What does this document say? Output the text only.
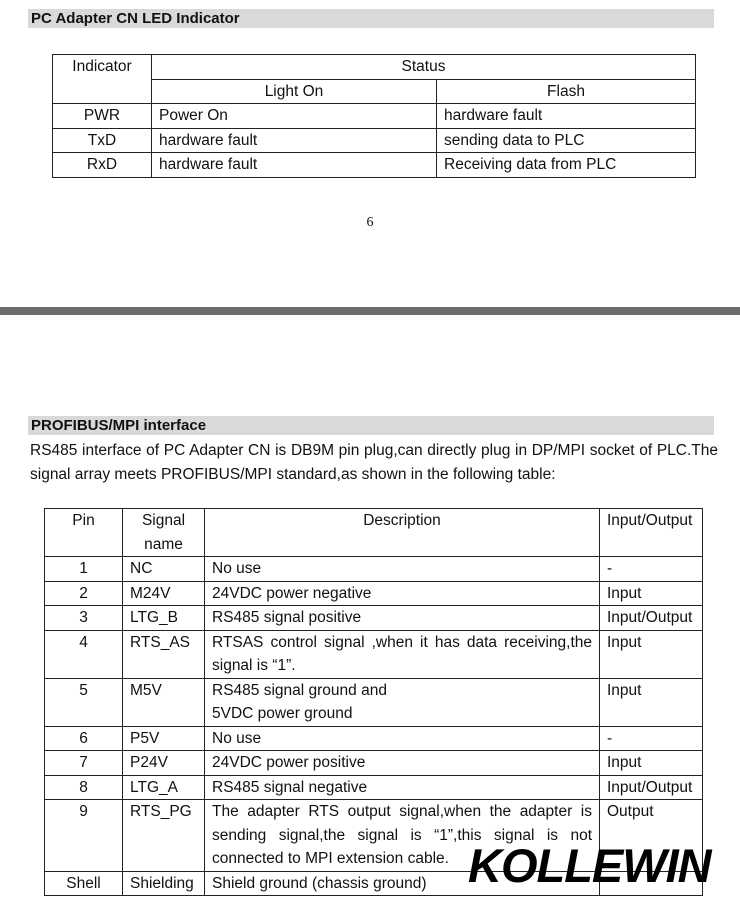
PC Adapter CN LED Indicator
Indicator	Status	
	Light On	Flash
PWR	Power On	hardware fault
TxD	hardware fault	sending data to PLC
RxD	hardware fault	Receiving data from PLC
6
PROFIBUS/MPI interface
RS485 interface of PC Adapter CN is DB9M pin plug,can directly plug in DP/MPI socket of PLC.The signal array meets PROFIBUS/MPI standard,as shown in the following table:
Pin	Signal name	Description	Input/Output
1	NC	No use	-
2	M24V	24VDC power negative	Input
3	LTG_B	RS485 signal positive	Input/Output
4	RTS_AS	RTSAS control signal ,when it has data receiving,the signal is “1”.	Input
5	M5V	RS485 signal ground and 5VDC power ground	Input
6	P5V	No use	-
7	P24V	24VDC power positive	Input
8	LTG_A	RS485 signal negative	Input/Output
9	RTS_PG	The adapter RTS output signal,when the adapter is sending signal,the signal is “1”,this signal is not connected to MPI extension cable.	Output
Shell	Shielding	Shield ground (chassis ground)	KOLLEWIN
